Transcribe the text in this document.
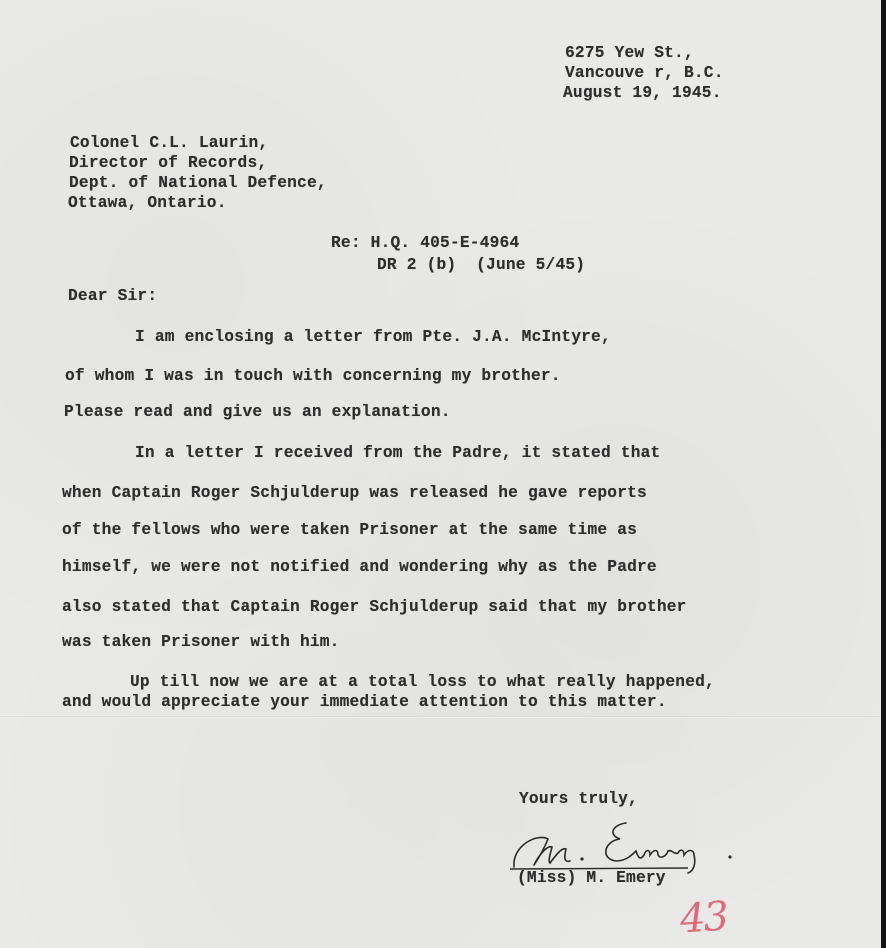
6275 Yew St.,
Vancouve r, B.C.
August 19, 1945.
Colonel C.L. Laurin,
Director of Records,
Dept. of National Defence,
Ottawa, Ontario.
Re: H.Q. 405-E-4964
DR 2 (b)  (June 5/45)
Dear Sir:
I am enclosing a letter from Pte. J.A. McIntyre,
of whom I was in touch with concerning my brother.
Please read and give us an explanation.
In a letter I received from the Padre, it stated that
when Captain Roger Schjulderup was released he gave reports
of the fellows who were taken Prisoner at the same time as
himself, we were not notified and wondering why as the Padre
also stated that Captain Roger Schjulderup said that my brother
was taken Prisoner with him.
Up till now we are at a total loss to what really happened,
and would appreciate your immediate attention to this matter.
Yours truly,
(Miss) M. Emery
43
